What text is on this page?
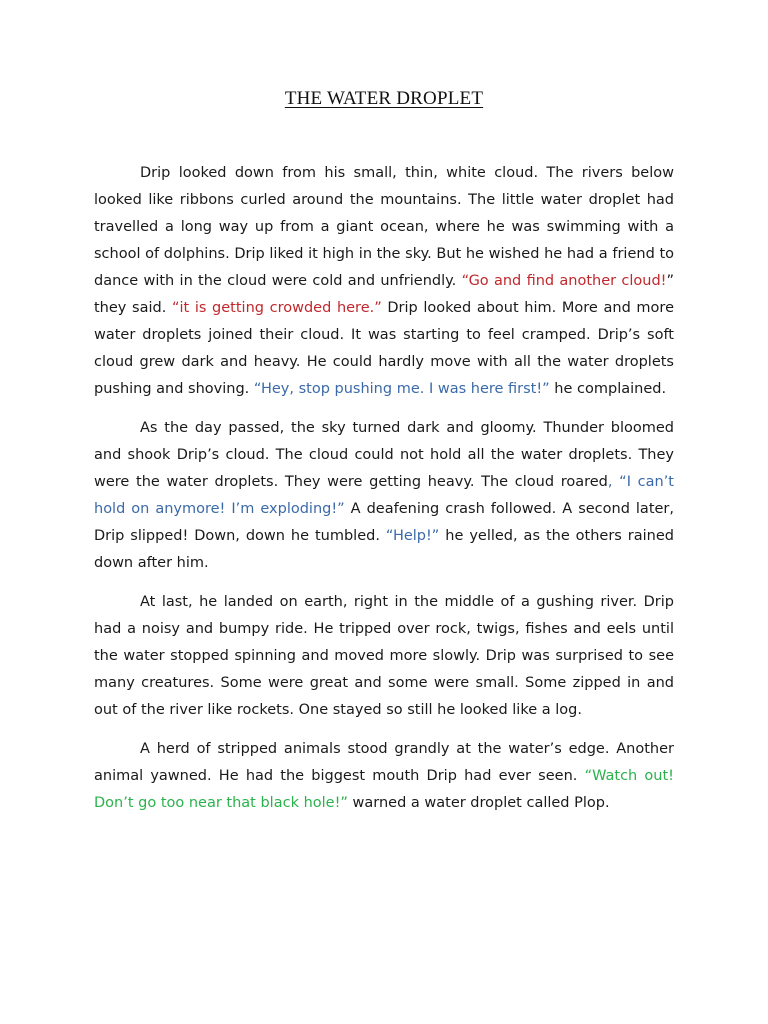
THE WATER DROPLET

Drip looked down from his small, thin, white cloud. The rivers below looked like ribbons curled around the mountains. The little water droplet had travelled a long way up from a giant ocean, where he was swimming with a school of dolphins. Drip liked it high in the sky. But he wished he had a friend to dance with in the cloud were cold and unfriendly. “Go and find another cloud!” they said. “it is getting crowded here.” Drip looked about him. More and more water droplets joined their cloud. It was starting to feel cramped. Drip’s soft cloud grew dark and heavy. He could hardly move with all the water droplets pushing and shoving. “Hey, stop pushing me. I was here first!” he complained.

As the day passed, the sky turned dark and gloomy. Thunder bloomed and shook Drip’s cloud. The cloud could not hold all the water droplets. They were the water droplets. They were getting heavy. The cloud roared, “I can’t hold on anymore! I’m exploding!” A deafening crash followed. A second later, Drip slipped! Down, down he tumbled. “Help!” he yelled, as the others rained down after him.

At last, he landed on earth, right in the middle of a gushing river. Drip had a noisy and bumpy ride. He tripped over rock, twigs, fishes and eels until the water stopped spinning and moved more slowly. Drip was surprised to see many creatures. Some were great and some were small. Some zipped in and out of the river like rockets. One stayed so still he looked like a log.

A herd of stripped animals stood grandly at the water’s edge. Another animal yawned. He had the biggest mouth Drip had ever seen. “Watch out! Don’t go too near that black hole!” warned a water droplet called Plop.
